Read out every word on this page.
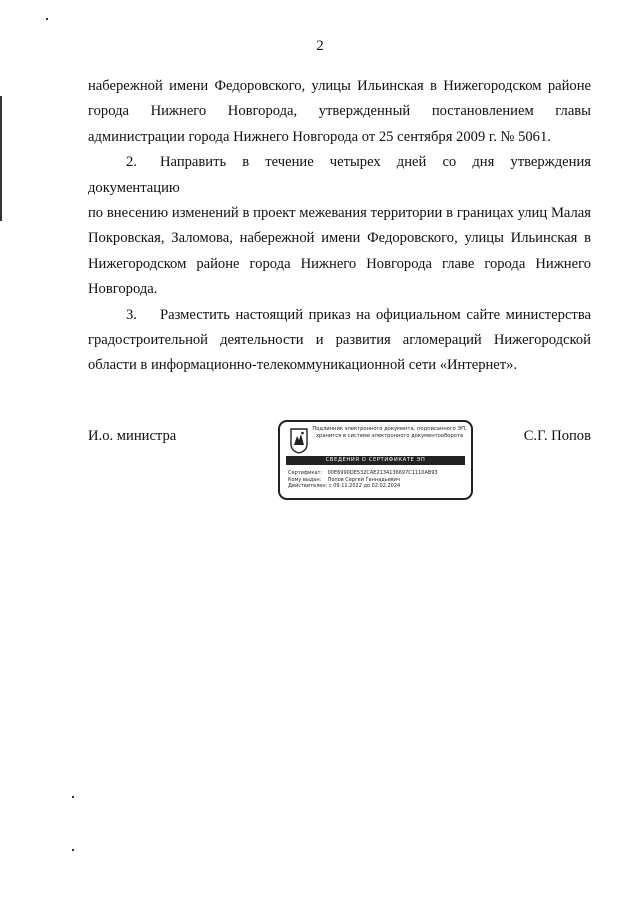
2
набережной имени Федоровского, улицы Ильинская в Нижегородском районе
города Нижнего Новгорода, утвержденный постановлением главы
администрации города Нижнего Новгорода от 25 сентября 2009 г. № 5061.
2. Направить в течение четырех дней со дня утверждения документацию
по внесению изменений в проект межевания территории в границах улиц Малая
Покровская, Заломова, набережной имени Федоровского, улицы Ильинская в
Нижегородском районе города Нижнего Новгорода главе города Нижнего
Новгорода.
3. Разместить настоящий приказ на официальном сайте министерства
градостроительной деятельности и развития агломераций Нижегородской
области в информационно-телекоммуникационной сети «Интернет».
И.о. министра	Подлинник электронного документа, подписанного ЭП,
хранится в системе электронного документооборота
СВЕДЕНИЯ О СЕРТИФИКАТЕ ЭП
Сертификат: 00E6990DE532CAE2134136697C1110AB93
Кому выдан: Попов Сергей Геннадьевич
Действителен: с 09.11.2022 до 02.02.2024
С.Г. Попов
